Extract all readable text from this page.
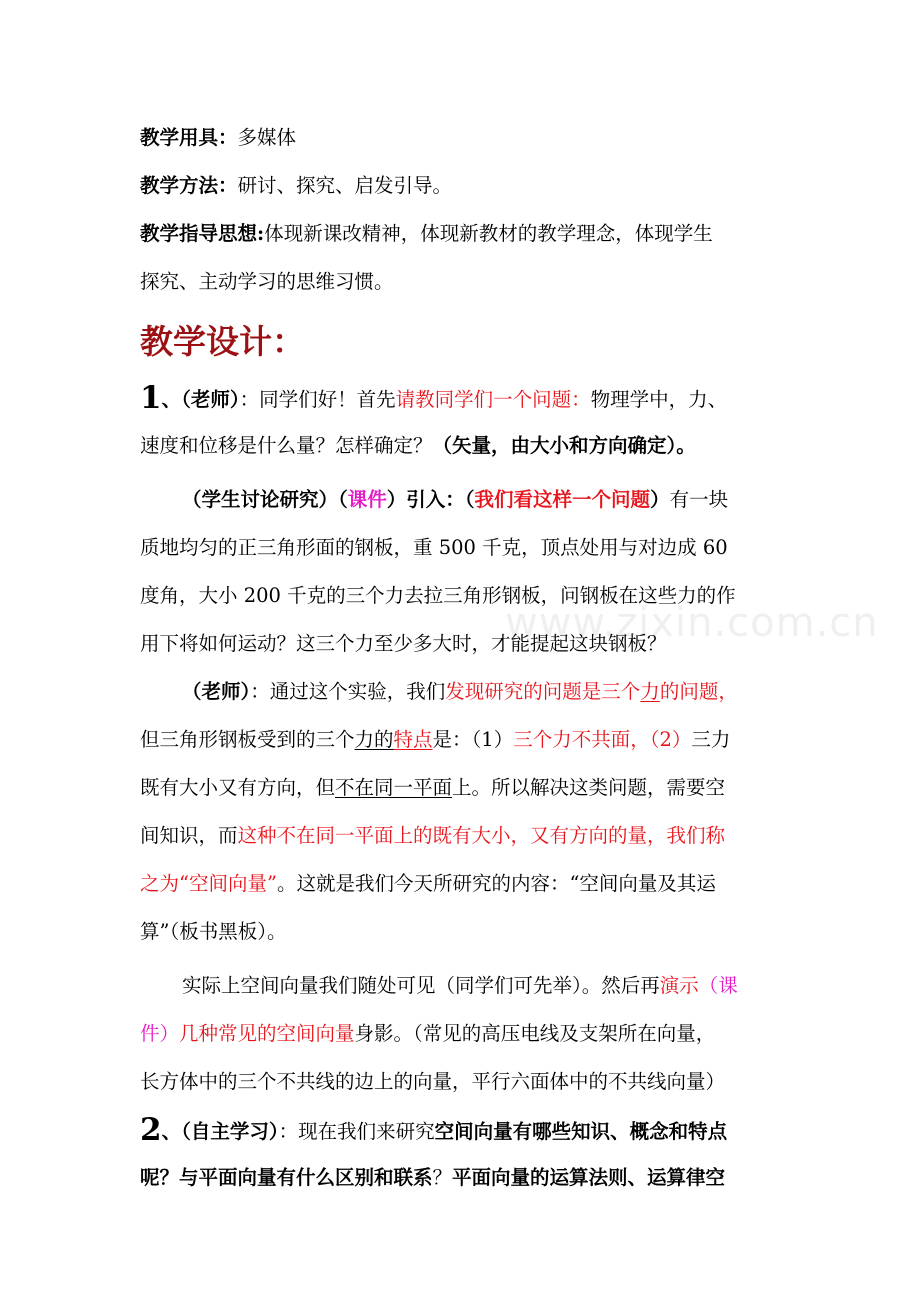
www.zixin.com.cn
教学用具：多媒体
教学方法：研讨、探究、启发引导。
教学指导思想:体现新课改精神，体现新教材的教学理念，体现学生
探究、主动学习的思维习惯。
教学设计：
1、（老师）：同学们好！首先请教同学们一个问题：物理学中，力、
速度和位移是什么量？怎样确定？（矢量，由大小和方向确定）。
（学生讨论研究）（课件）引入：（我们看这样一个问题）有一块
质地均匀的正三角形面的钢板，重 500 千克，顶点处用与对边成 60
度角，大小 200 千克的三个力去拉三角形钢板，问钢板在这些力的作
用下将如何运动？这三个力至少多大时，才能提起这块钢板？
（老师）：通过这个实验，我们发现研究的问题是三个力的问题，
但三角形钢板受到的三个力的特点是：（1）三个力不共面，（2）三力
既有大小又有方向，但不在同一平面上。所以解决这类问题，需要空
间知识，而这种不在同一平面上的既有大小，又有方向的量，我们称
之为“空间向量”。这就是我们今天所研究的内容：“空间向量及其运
算”（板书黑板）。
实际上空间向量我们随处可见（同学们可先举）。然后再演示（课
件）几种常见的空间向量身影。（常见的高压电线及支架所在向量，
长方体中的三个不共线的边上的向量，平行六面体中的不共线向量）
2、（自主学习）：现在我们来研究空间向量有哪些知识、概念和特点
呢？与平面向量有什么区别和联系？平面向量的运算法则、运算律空
